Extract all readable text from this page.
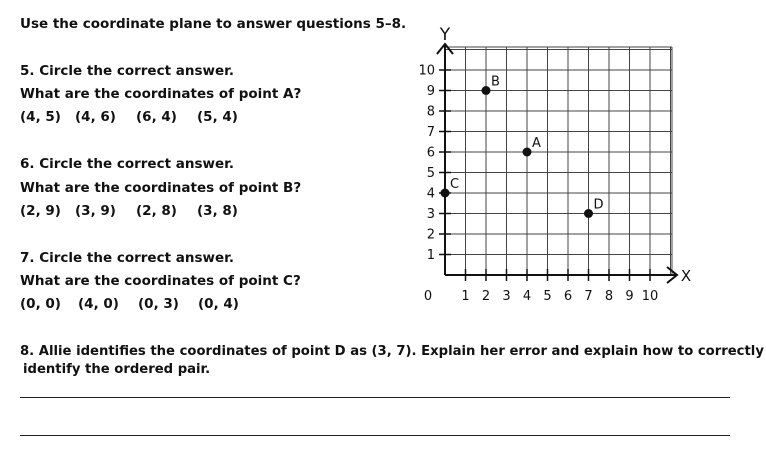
Use the coordinate plane to answer questions 5–8.
5. Circle the correct answer.
What are the coordinates of point A?
(4, 5) (4, 6) (6, 4) (5, 4)
6. Circle the correct answer.
What are the coordinates of point B?
(2, 9) (3, 9) (2, 8) (3, 8)
7. Circle the correct answer.
What are the coordinates of point C?
(0, 0) (4, 0) (0, 3) (0, 4)
8. Allie identifies the coordinates of point D as (3, 7). Explain her error and explain how to correctly
identify the ordered pair.
Y
X
0 1 2 3 4 5 6 7 8 9 10
1
2
3
4
5
6
7
8
9
10
A
B
C
D
